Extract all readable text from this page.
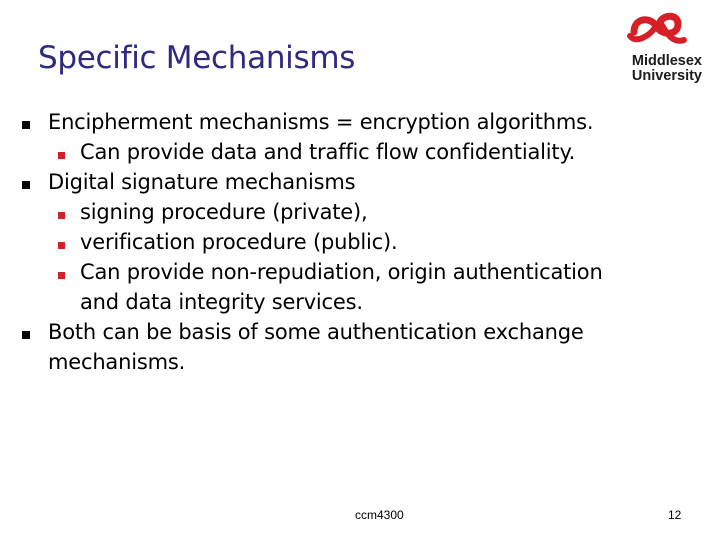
Specific Mechanisms	Middlesex
University
Encipherment mechanisms = encryption algorithms.
Can provide data and traffic flow confidentiality.
Digital signature mechanisms
signing procedure (private),
verification procedure (public).
Can provide non-repudiation, origin authentication and data integrity services.
Both can be basis of some authentication exchange mechanisms.
ccm4300	12
